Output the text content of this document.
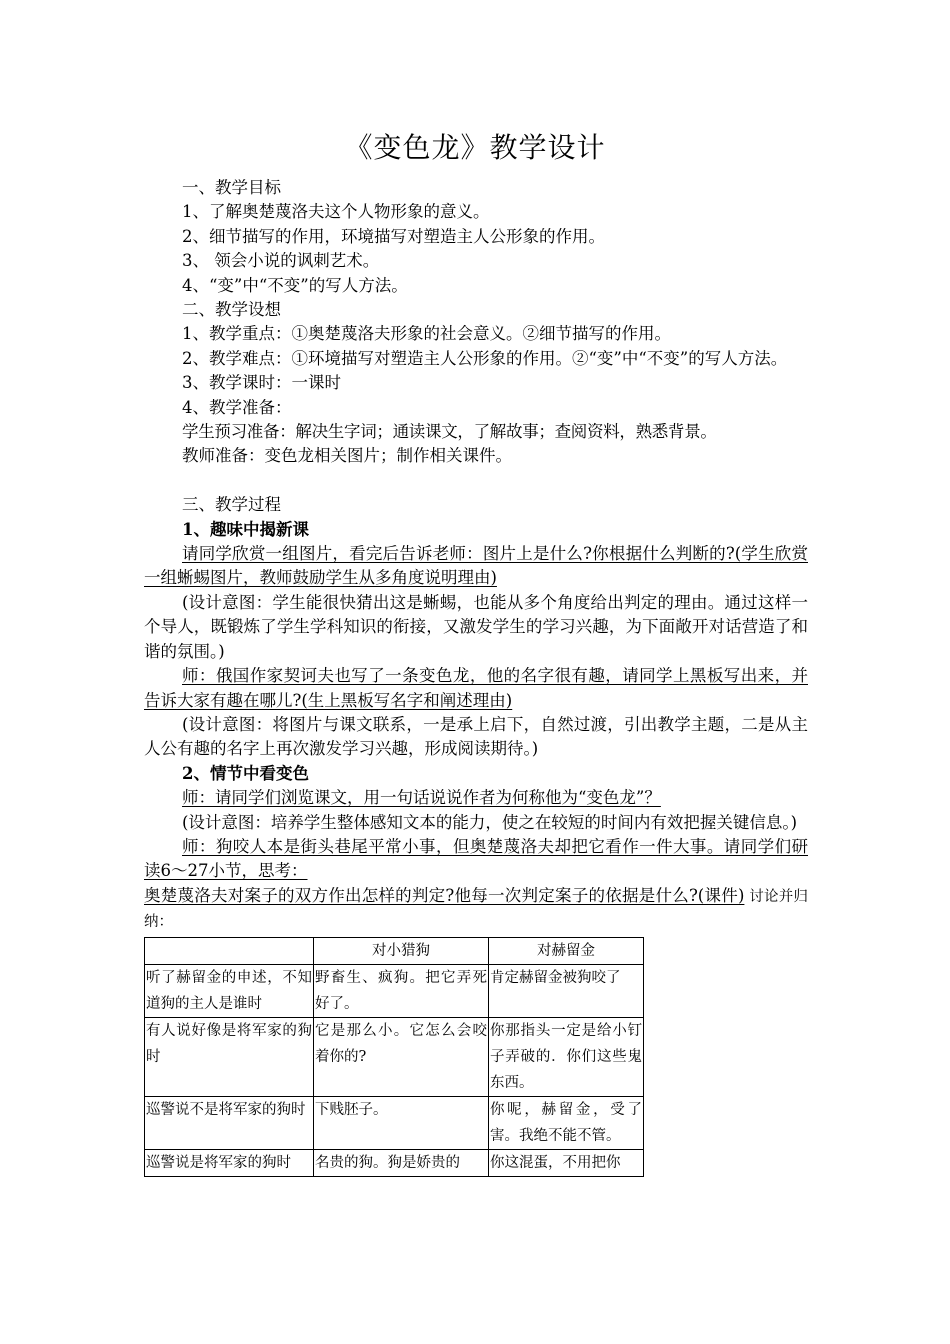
《变色龙》教学设计

一、教学目标

1、了解奥楚蔑洛夫这个人物形象的意义。

2、细节描写的作用，环境描写对塑造主人公形象的作用。

3、 领会小说的讽刺艺术。

4、“变”中“不变”的写人方法。

二、教学设想

1、教学重点：①奥楚蔑洛夫形象的社会意义。②细节描写的作用。

2、教学难点：①环境描写对塑造主人公形象的作用。②“变”中“不变”的写人方法。

3、教学课时：一课时

4、教学准备：

学生预习准备：解决生字词；通读课文，了解故事；查阅资料，熟悉背景。

教师准备：变色龙相关图片；制作相关课件。

三、教学过程

1、趣味中揭新课

请同学欣赏一组图片，看完后告诉老师：图片上是什么?你根据什么判断的?(学生欣赏一组蜥蜴图片，教师鼓励学生从多角度说明理由)

(设计意图：学生能很快猜出这是蜥蜴，也能从多个角度给出判定的理由。通过这样一个导人，既锻炼了学生学科知识的衔接，又激发学生的学习兴趣，为下面敞开对话营造了和谐的氛围。)

师：俄国作家契诃夫也写了一条变色龙，他的名字很有趣，请同学上黑板写出来，并告诉大家有趣在哪儿?(生上黑板写名字和阐述理由)

(设计意图：将图片与课文联系，一是承上启下，自然过渡，引出教学主题，二是从主人公有趣的名字上再次激发学习兴趣，形成阅读期待。)

2、情节中看变色

师：请同学们浏览课文，用一句话说说作者为何称他为“变色龙”？

(设计意图：培养学生整体感知文本的能力，使之在较短的时间内有效把握关键信息。)

师：狗咬人本是街头巷尾平常小事，但奥楚蔑洛夫却把它看作一件大事。请同学们研读6～27小节，思考：

奥楚蔑洛夫对案子的双方作出怎样的判定?他每一次判定案子的依据是什么?(课件) 讨论并归纳：

	对小猎狗	对赫留金
听了赫留金的申述，不知道狗的主人是谁时	野畜生、疯狗。把它弄死好了。	肯定赫留金被狗咬了
有人说好像是将军家的狗时	它是那么小。它怎么会咬着你的?	你那指头一定是给小钉子弄破的．你们这些鬼东西。
巡警说不是将军家的狗时	下贱胚子。	你呢，赫留金，受了害。我绝不能不管。
巡警说是将军家的狗时	名贵的狗。狗是娇贵的	你这混蛋，不用把你
